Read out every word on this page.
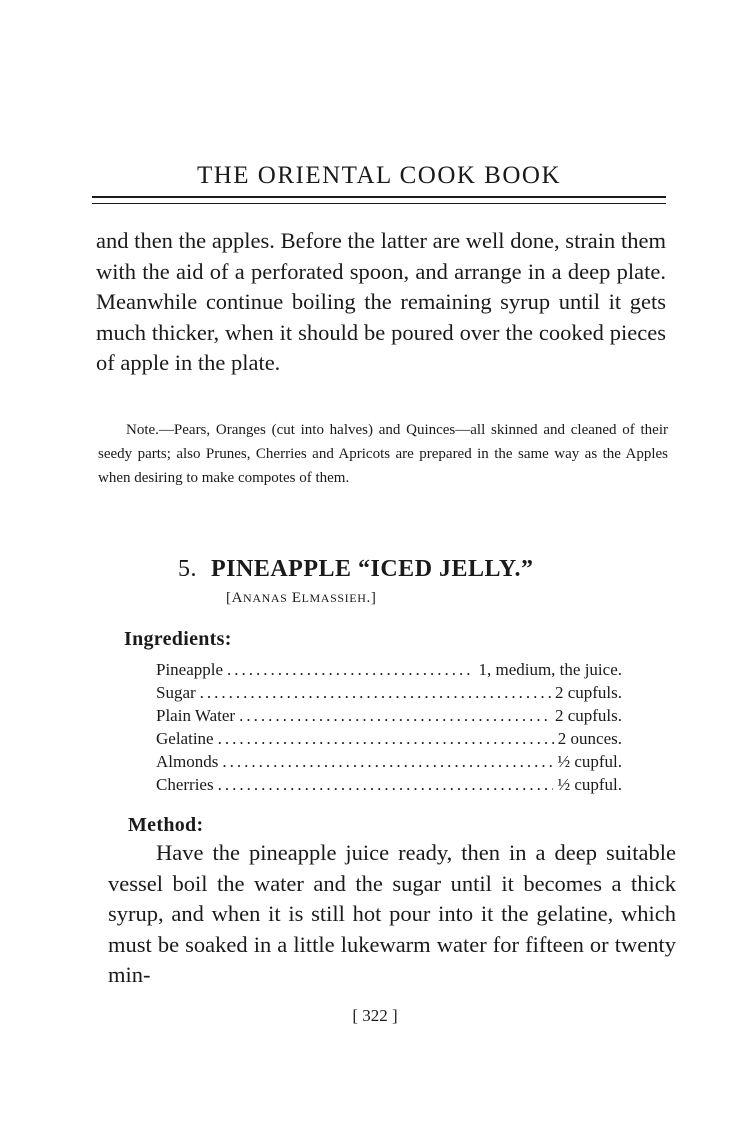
THE ORIENTAL COOK BOOK
and then the apples. Before the latter are well done, strain them with the aid of a perforated spoon, and arrange in a deep plate. Meanwhile continue boiling the remaining syrup until it gets much thicker, when it should be poured over the cooked pieces of apple in the plate.
Note.—Pears, Oranges (cut into halves) and Quinces—all skinned and cleaned of their seedy parts; also Prunes, Cherries and Apricots are prepared in the same way as the Apples when desiring to make compotes of them.
5. PINEAPPLE “ICED JELLY.”
[ANANAS ELMASSIEH.]
Ingredients:
Pineapple .....	1, medium, the juice.
Sugar .....	2 cupfuls.
Plain Water .....	2 cupfuls.
Gelatine .....	2 ounces.
Almonds .....	½ cupful.
Cherries .....	½ cupful.
Method:
Have the pineapple juice ready, then in a deep suitable vessel boil the water and the sugar until it becomes a thick syrup, and when it is still hot pour into it the gelatine, which must be soaked in a little lukewarm water for fifteen or twenty min-
[ 322 ]
